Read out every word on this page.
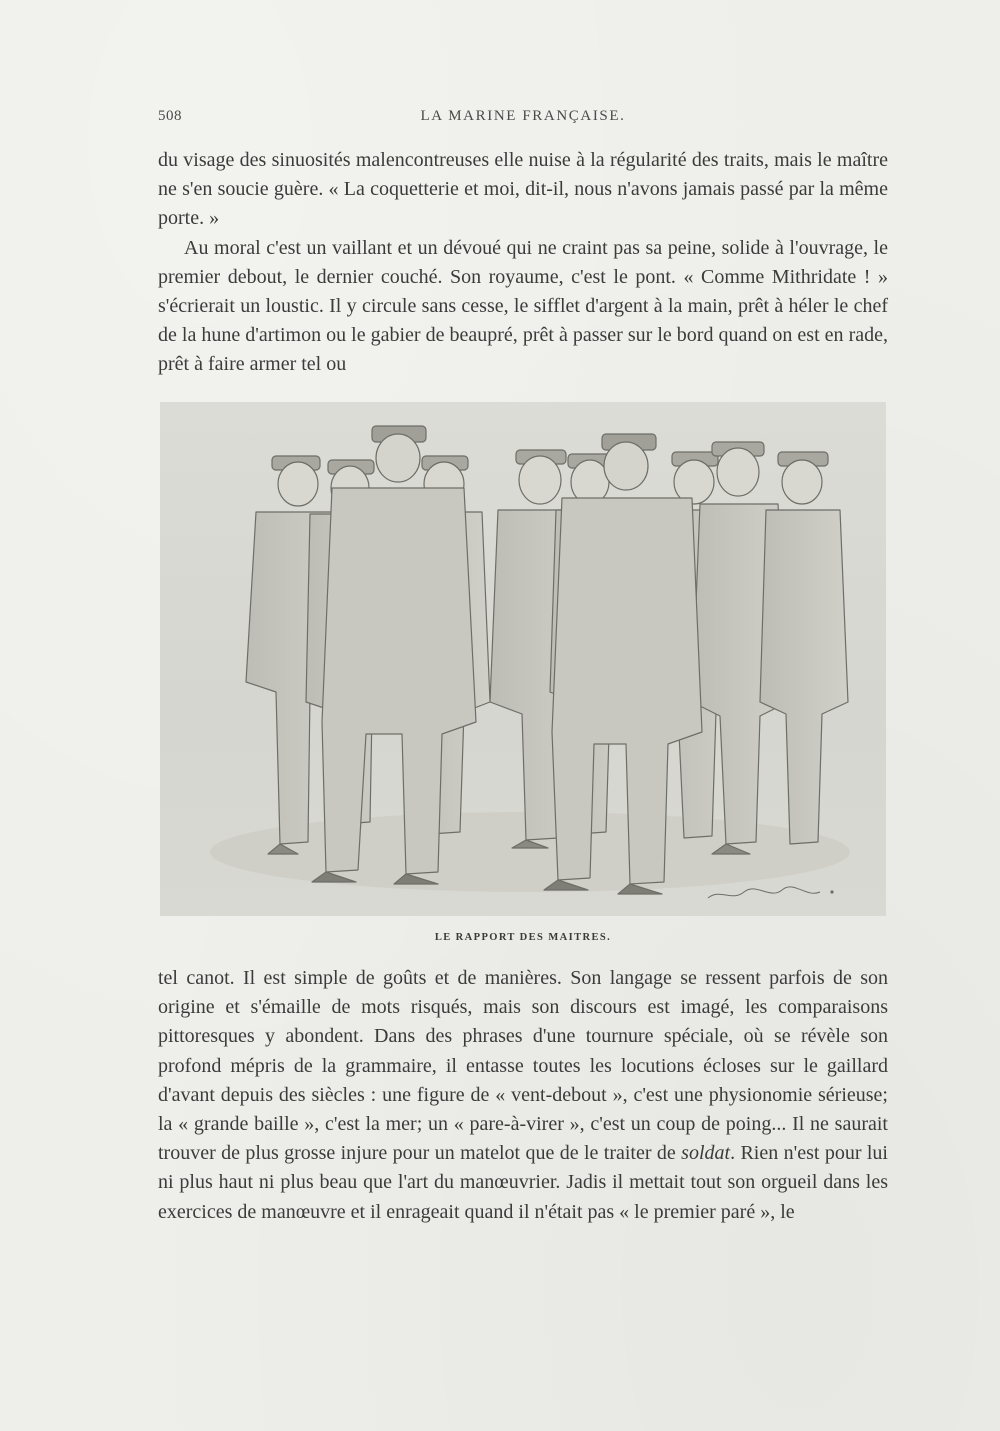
508	LA MARINE FRANÇAISE.

du visage des sinuosités malencontreuses elle nuise à la régularité des traits, mais le maître ne s'en soucie guère. « La coquetterie et moi, dit-il, nous n'avons jamais passé par la même porte. »

Au moral c'est un vaillant et un dévoué qui ne craint pas sa peine, solide à l'ouvrage, le premier debout, le dernier couché. Son royaume, c'est le pont. « Comme Mithridate ! » s'écrierait un loustic. Il y circule sans cesse, le sifflet d'argent à la main, prêt à héler le chef de la hune d'artimon ou le gabier de beaupré, prêt à passer sur le bord quand on est en rade, prêt à faire armer tel ou

LE RAPPORT DES MAITRES.

tel canot. Il est simple de goûts et de manières. Son langage se ressent parfois de son origine et s'émaille de mots risqués, mais son discours est imagé, les comparaisons pittoresques y abondent. Dans des phrases d'une tournure spéciale, où se révèle son profond mépris de la grammaire, il entasse toutes les locutions écloses sur le gaillard d'avant depuis des siècles : une figure de « vent-debout », c'est une physionomie sérieuse; la « grande baille », c'est la mer; un « pare-à-virer », c'est un coup de poing... Il ne saurait trouver de plus grosse injure pour un matelot que de le traiter de soldat. Rien n'est pour lui ni plus haut ni plus beau que l'art du manœuvrier. Jadis il mettait tout son orgueil dans les exercices de manœuvre et il enrageait quand il n'était pas « le premier paré », le
